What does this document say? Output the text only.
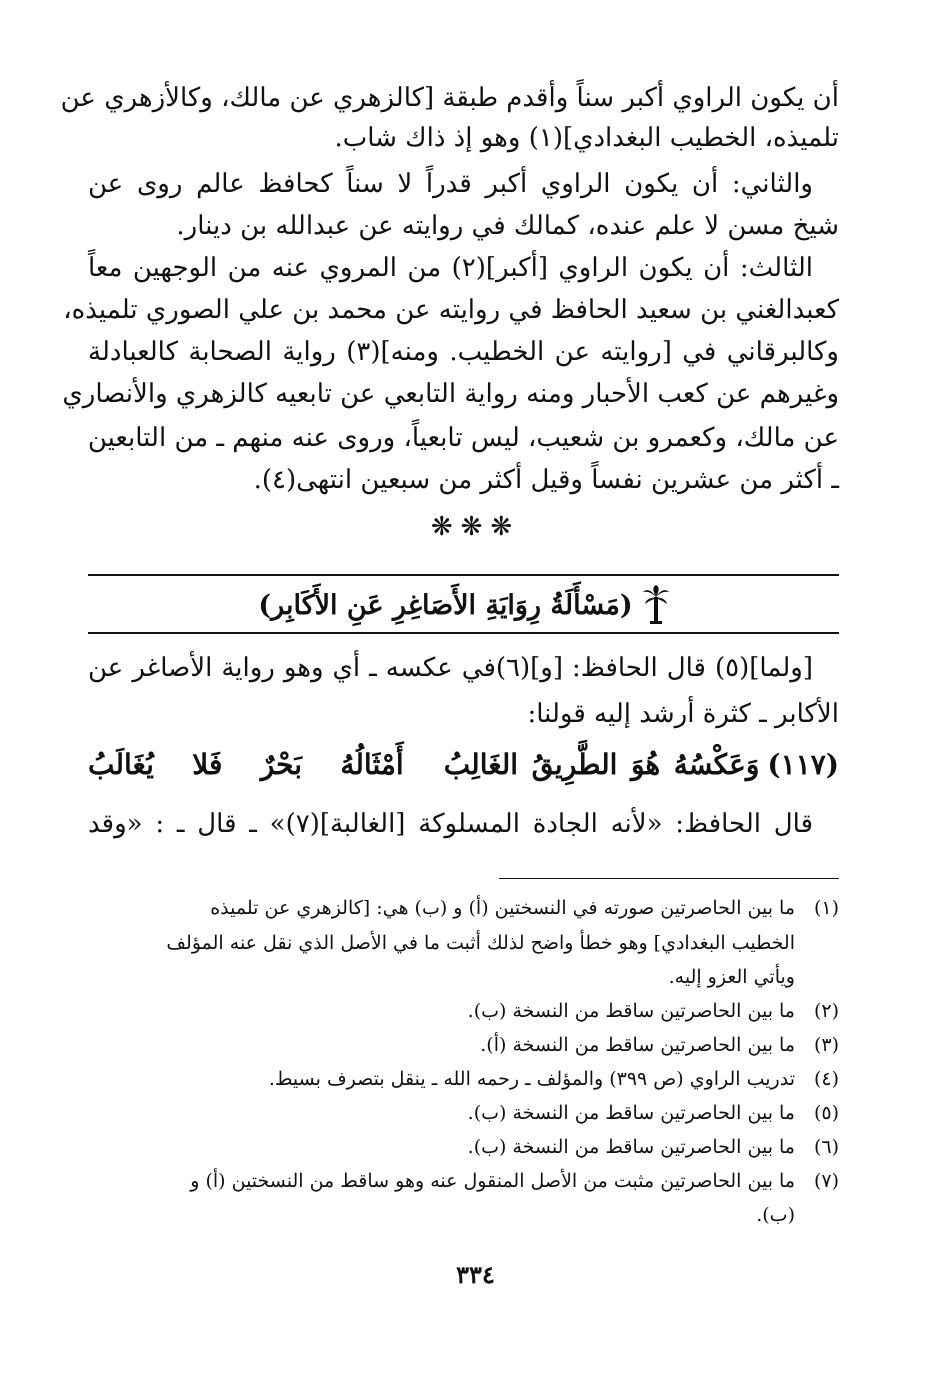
أن يكون الراوي أكبر سناً وأقدم طبقة [كالزهري عن مالك، وكالأزهري عن
تلميذه، الخطيب البغدادي](١) وهو إذ ذاك شاب.
والثاني: أن يكون الراوي أكبر قدراً لا سناً كحافظ عالم روى عن
شيخ مسن لا علم عنده، كمالك في روايته عن عبدالله بن دينار.
الثالث: أن يكون الراوي [أكبر](٢) من المروي عنه من الوجهين معاً
كعبدالغني بن سعيد الحافظ في روايته عن محمد بن علي الصوري تلميذه،
وكالبرقاني في [روايته عن الخطيب. ومنه](٣) رواية الصحابة كالعبادلة
وغيرهم عن كعب الأحبار ومنه رواية التابعي عن تابعيه كالزهري والأنصاري
عن مالك، وكعمرو بن شعيب، ليس تابعياً، وروى عنه منهم ـ من التابعين
ـ أكثر من عشرين نفساً وقيل أكثر من سبعين انتهى(٤).
❋❋❋
(مَسْأَلَةُ رِوَايَةِ الأَصَاغِرِ عَنِ الأَكَابِر)
[ولما](٥) قال الحافظ: [و](٦)في عكسه ـ أي وهو رواية الأصاغر عن
الأكابر ـ كثرة أرشد إليه قولنا:
(١١٧)
وَعَكْسُهُ هُوَ الطَّرِيقُ الغَالِبُ
أَمْثَالُهُ بَحْرٌ فَلا يُغَالَبُ
قال الحافظ: «لأنه الجادة المسلوكة [الغالبة](٧)» ـ قال ـ : «وقد
(١)ما بين الحاصرتين صورته في النسختين (أ) و (ب) هي: [كالزهري عن تلميذه
الخطيب البغدادي] وهو خطأ واضح لذلك أثبت ما في الأصل الذي نقل عنه المؤلف
ويأتي العزو إليه.
(٢)ما بين الحاصرتين ساقط من النسخة (ب).
(٣)ما بين الحاصرتين ساقط من النسخة (أ).
(٤)تدريب الراوي (ص ٣٩٩) والمؤلف ـ رحمه الله ـ ينقل بتصرف بسيط.
(٥)ما بين الحاصرتين ساقط من النسخة (ب).
(٦)ما بين الحاصرتين ساقط من النسخة (ب).
(٧)ما بين الحاصرتين مثبت من الأصل المنقول عنه وهو ساقط من النسختين (أ) و
(ب).
٣٣٤
